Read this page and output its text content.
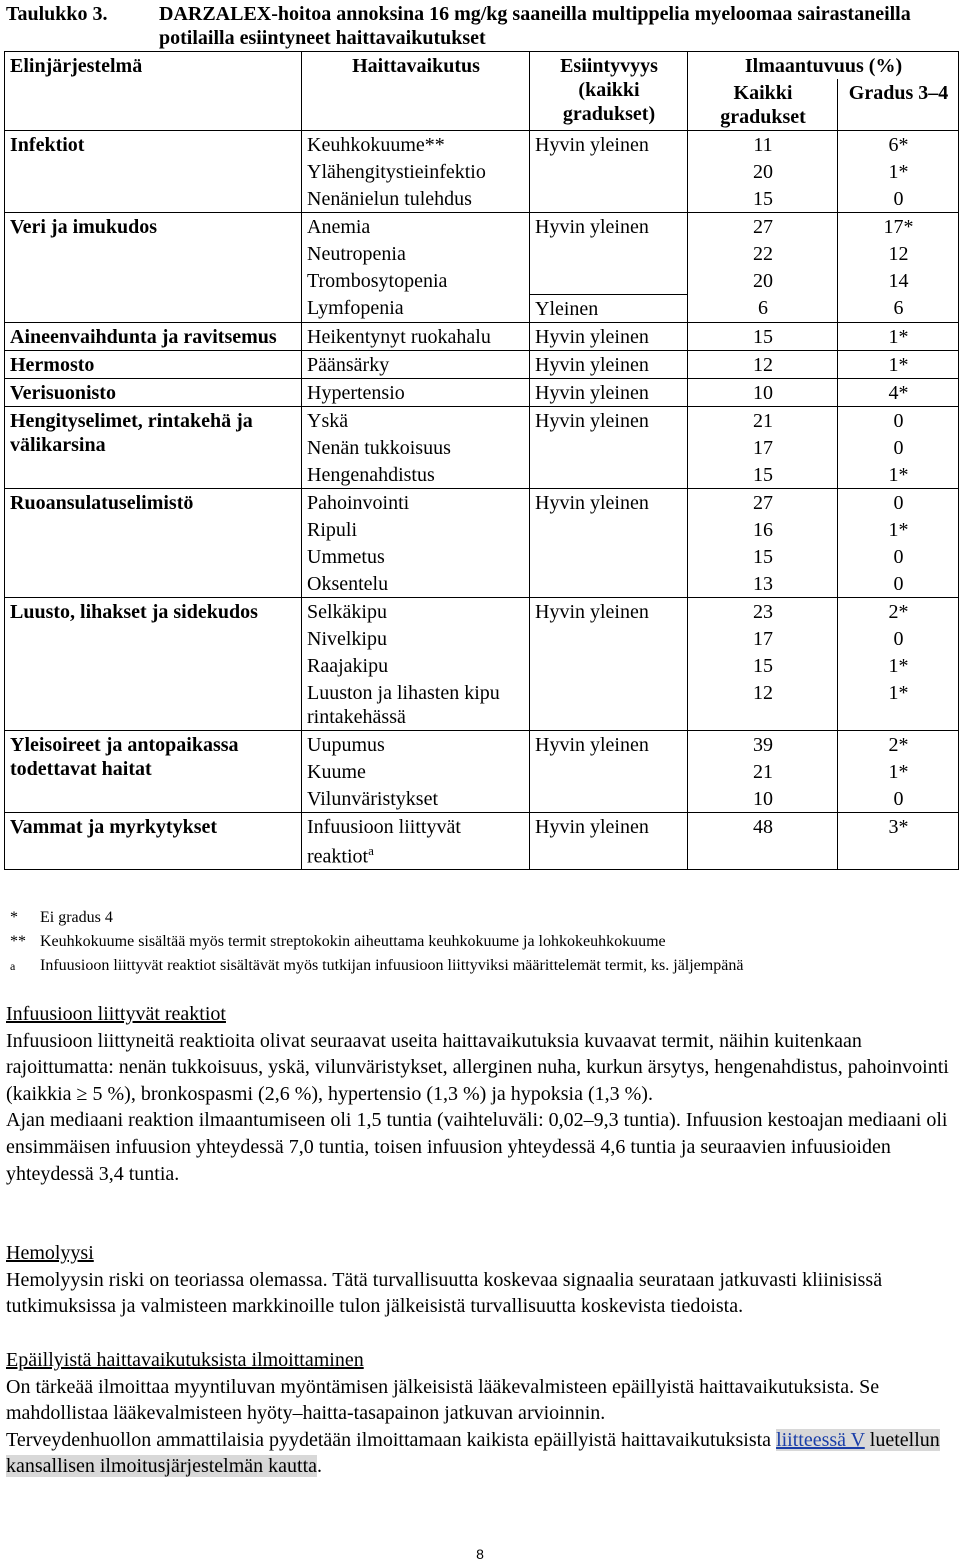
Taulukko 3.	DARZALEX-hoitoa annoksina 16 mg/kg saaneilla multippelia myeloomaa sairastaneilla potilailla esiintyneet haittavaikutukset
Elinjärjestelmä	Haittavaikutus	Esiintyvyys (kaikki gradukset)	Ilmaantuvuus (%)	
			Kaikki gradukset	Gradus 3–4
Infektiot	Keuhkokuume**	Hyvin yleinen	11	6*
	Ylähengitystieinfektio		20	1*
	Nenänielun tulehdus		15	0
Veri ja imukudos	Anemia	Hyvin yleinen	27	17*
	Neutropenia		22	12
	Trombosytopenia		20	14
	Lymfopenia	Yleinen	6	6
Aineenvaihdunta ja ravitsemus	Heikentynyt ruokahalu	Hyvin yleinen	15	1*
Hermosto	Päänsärky	Hyvin yleinen	12	1*
Verisuonisto	Hypertensio	Hyvin yleinen	10	4*
Hengityselimet, rintakehä ja välikarsina	Yskä	Hyvin yleinen	21	0
	Nenän tukkoisuus		17	0
	Hengenahdistus		15	1*
Ruoansulatuselimistö	Pahoinvointi	Hyvin yleinen	27	0
	Ripuli		16	1*
	Ummetus		15	0
	Oksentelu		13	0
Luusto, lihakset ja sidekudos	Selkäkipu	Hyvin yleinen	23	2*
	Nivelkipu		17	0
	Raajakipu		15	1*
	Luuston ja lihasten kipu rintakehässä		12	1*
Yleisoireet ja antopaikassa todettavat haitat	Uupumus	Hyvin yleinen	39	2*
	Kuume		21	1*
	Vilunväristykset		10	0
Vammat ja myrkytykset	Infuusioon liittyvät reaktiot$^a$	Hyvin yleinen	48	3*
*	Ei gradus 4
** Keuhkokuume sisältää myös termit streptokokin aiheuttama keuhkokuume ja lohkokeuhkokuume
$^a$	Infuusioon liittyvät reaktiot sisältävät myös tutkijan infuusioon liittyviksi määrittelemät termit, ks. jäljempänä
Infuusioon liittyvät reaktiot
Infuusioon liittyneitä reaktioita olivat seuraavat useita haittavaikutuksia kuvaavat termit, näihin kuitenkaan rajoittumatta: nenän tukkoisuus, yskä, vilunväristykset, allerginen nuha, kurkun ärsytys, hengenahdistus, pahoinvointi (kaikkia ≥ 5 %), bronkospasmi (2,6 %), hypertensio (1,3 %) ja hypoksia (1,3 %).
Ajan mediaani reaktion ilmaantumiseen oli 1,5 tuntia (vaihteluväli: 0,02–9,3 tuntia). Infuusion kestoajan mediaani oli ensimmäisen infuusion yhteydessä 7,0 tuntia, toisen infuusion yhteydessä 4,6 tuntia ja seuraavien infuusioiden yhteydessä 3,4 tuntia.
Hemolyysi
Hemolyysin riski on teoriassa olemassa. Tätä turvallisuutta koskevaa signaalia seurataan jatkuvasti kliinisissä tutkimuksissa ja valmisteen markkinoille tulon jälkeisistä turvallisuutta koskevista tiedoista.
Epäillyistä haittavaikutuksista ilmoittaminen
On tärkeää ilmoittaa myyntiluvan myöntämisen jälkeisistä lääkevalmisteen epäillyistä haittavaikutuksista. Se mahdollistaa lääkevalmisteen hyöty–haitta-tasapainon jatkuvan arvioinnin.
Terveydenhuollon ammattilaisia pyydetään ilmoittamaan kaikista epäillyistä haittavaikutuksista liitteessä V luetellun kansallisen ilmoitusjärjestelmän kautta.
8
